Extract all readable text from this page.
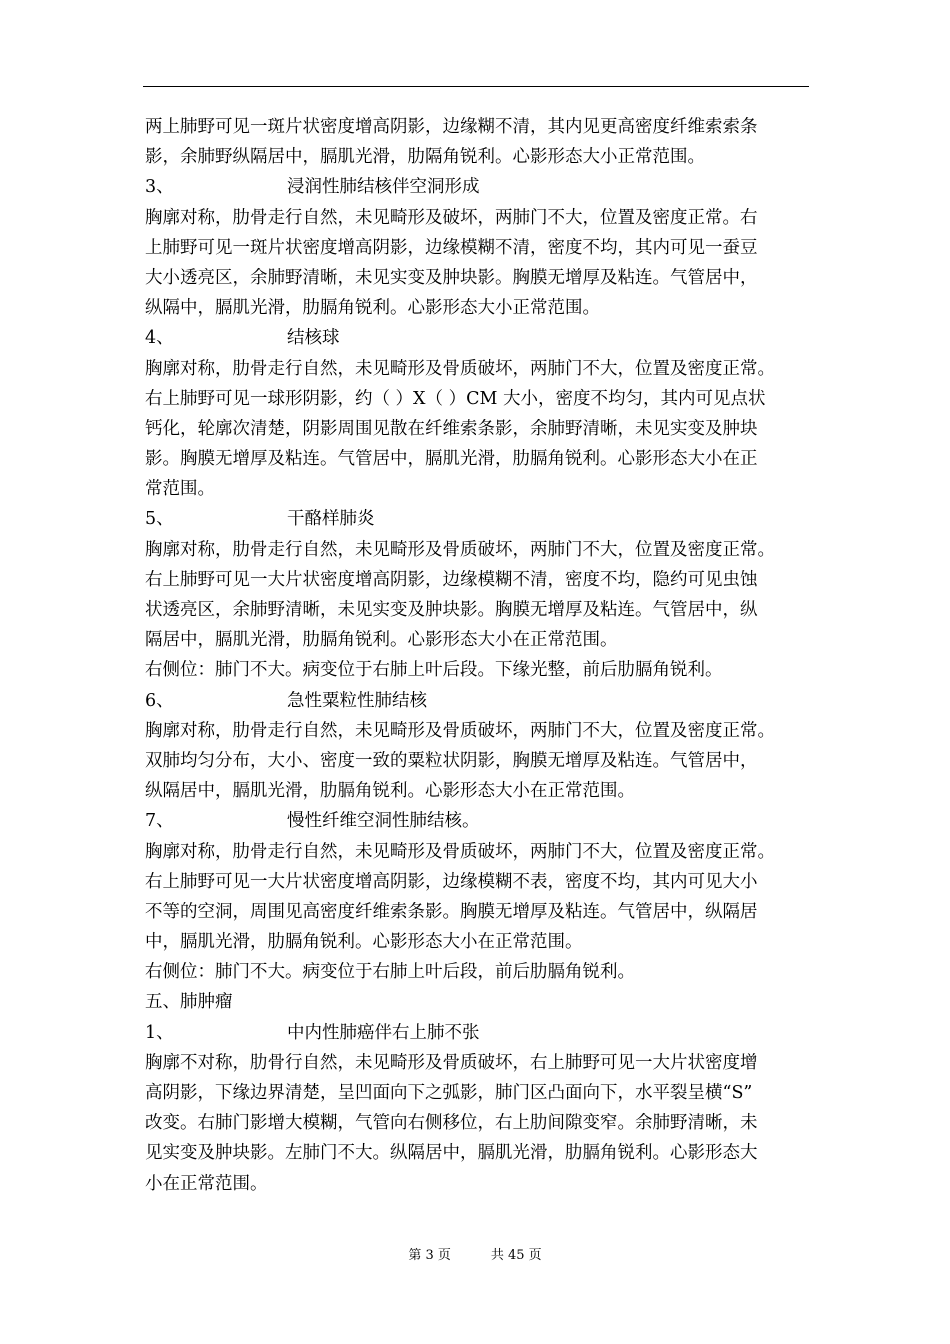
两上肺野可见一斑片状密度增高阴影，边缘糊不清，其内见更高密度纤维索索条
影，余肺野纵隔居中，膈肌光滑，肋隔角锐利。心影形态大小正常范围。
3、	浸润性肺结核伴空洞形成
胸廓对称，肋骨走行自然，未见畸形及破坏，两肺门不大，位置及密度正常。右
上肺野可见一斑片状密度增高阴影，边缘模糊不清，密度不均，其内可见一蚕豆
大小透亮区，余肺野清晰，未见实变及肿块影。胸膜无增厚及粘连。气管居中，
纵隔中，膈肌光滑，肋膈角锐利。心影形态大小正常范围。
4、	结核球
胸廓对称，肋骨走行自然，未见畸形及骨质破坏，两肺门不大，位置及密度正常。
右上肺野可见一球形阴影，约（ ）X（ ）CM 大小，密度不均匀，其内可见点状
钙化，轮廓次清楚，阴影周围见散在纤维索条影，余肺野清晰，未见实变及肿块
影。胸膜无增厚及粘连。气管居中，膈肌光滑，肋膈角锐利。心影形态大小在正
常范围。
5、	干酪样肺炎
胸廓对称，肋骨走行自然，未见畸形及骨质破坏，两肺门不大，位置及密度正常。
右上肺野可见一大片状密度增高阴影，边缘模糊不清，密度不均，隐约可见虫蚀
状透亮区，余肺野清晰，未见实变及肿块影。胸膜无增厚及粘连。气管居中，纵
隔居中，膈肌光滑，肋膈角锐利。心影形态大小在正常范围。
右侧位：肺门不大。病变位于右肺上叶后段。下缘光整，前后肋膈角锐利。
6、	急性粟粒性肺结核
胸廓对称，肋骨走行自然，未见畸形及骨质破坏，两肺门不大，位置及密度正常。
双肺均匀分布，大小、密度一致的粟粒状阴影，胸膜无增厚及粘连。气管居中，
纵隔居中，膈肌光滑，肋膈角锐利。心影形态大小在正常范围。
7、	慢性纤维空洞性肺结核。
胸廓对称，肋骨走行自然，未见畸形及骨质破坏，两肺门不大，位置及密度正常。
右上肺野可见一大片状密度增高阴影，边缘模糊不表，密度不均，其内可见大小
不等的空洞，周围见高密度纤维索条影。胸膜无增厚及粘连。气管居中，纵隔居
中，膈肌光滑，肋膈角锐利。心影形态大小在正常范围。
右侧位：肺门不大。病变位于右肺上叶后段，前后肋膈角锐利。
五、肺肿瘤
1、	中内性肺癌伴右上肺不张
胸廓不对称，肋骨行自然，未见畸形及骨质破坏，右上肺野可见一大片状密度增
高阴影，下缘边界清楚，呈凹面向下之弧影，肺门区凸面向下，水平裂呈横“S”
改变。右肺门影增大模糊，气管向右侧移位，右上肋间隙变窄。余肺野清晰，未
见实变及肿块影。左肺门不大。纵隔居中，膈肌光滑，肋膈角锐利。心影形态大
小在正常范围。
第 3 页	共 45 页
